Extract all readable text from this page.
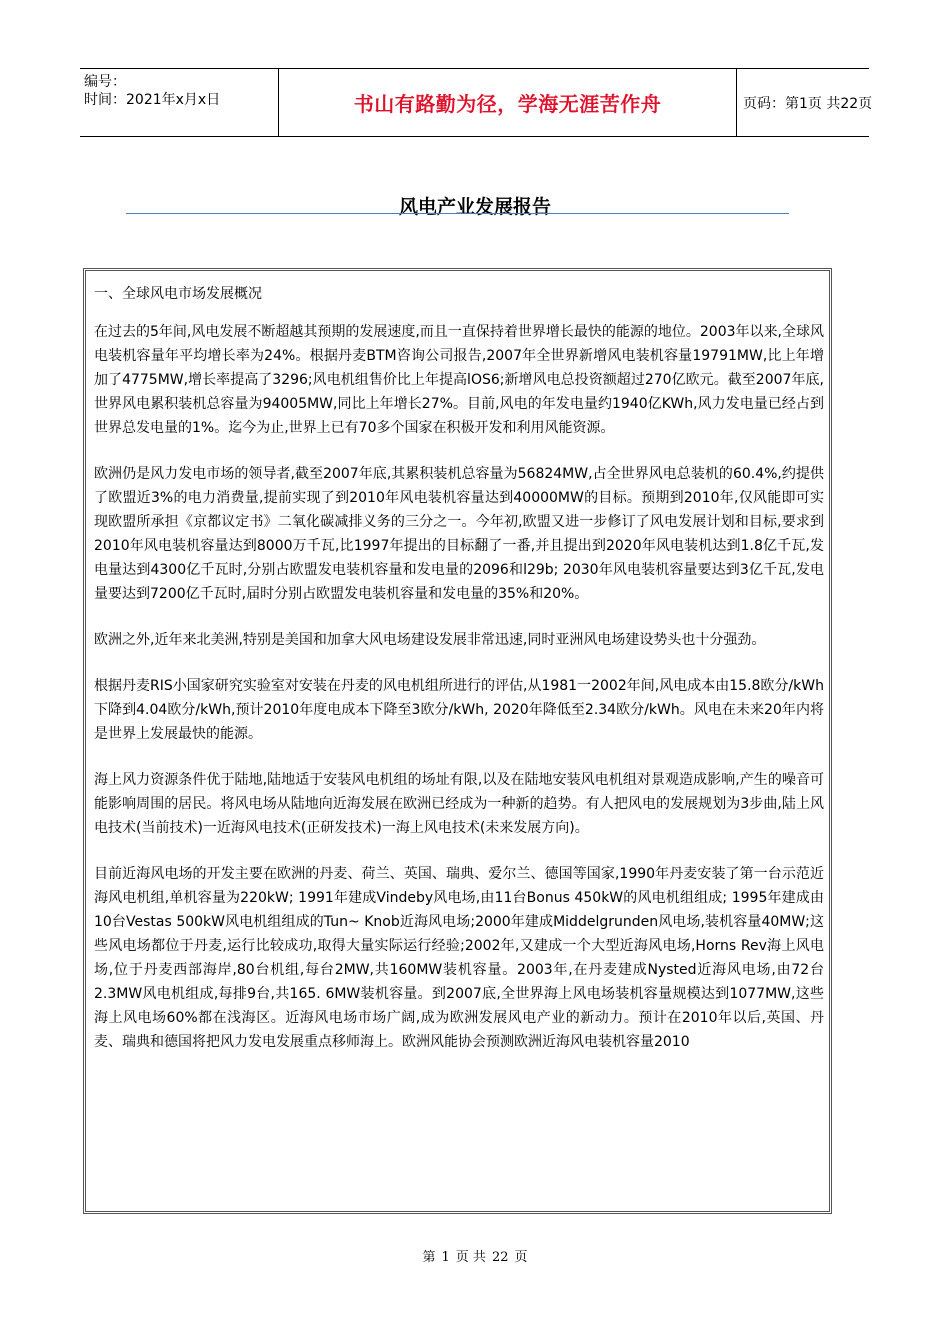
编号：
时间：2021年x月x日	书山有路勤为径，学海无涯苦作舟	页码：第1页 共22页
风电产业发展报告
一、全球风电市场发展概况

在过去的5年间,风电发展不断超越其预期的发展速度,而且一直保持着世界增长最快的能源的地位。2003年以来,全球风电装机容量年平均增长率为24%。根据丹麦BTM咨询公司报告,2007年全世界新增风电装机容量19791MW,比上年增加了4775MW,增长率提高了3296;风电机组售价比上年提高lOS6;新增风电总投资额超过270亿欧元。截至2007年底,世界风电累积装机总容量为94005MW,同比上年增长27%。目前,风电的年发电量约1940亿KWh,风力发电量已经占到世界总发电量的1%。迄今为止,世界上已有70多个国家在积极开发和利用风能资源。

欧洲仍是风力发电市场的领导者,截至2007年底,其累积装机总容量为56824MW,占全世界风电总装机的60.4%,约提供了欧盟近3%的电力消费量,提前实现了到2010年风电装机容量达到40000MW的目标。预期到2010年,仅风能即可实现欧盟所承担《京都议定书》二氧化碳减排义务的三分之一。今年初,欧盟又进一步修订了风电发展计划和目标,要求到2010年风电装机容量达到8000万千瓦,比1997年提出的目标翻了一番,并且提出到2020年风电装机达到1.8亿千瓦,发电量达到4300亿千瓦时,分别占欧盟发电装机容量和发电量的2096和l29b; 2030年风电装机容量要达到3亿千瓦,发电量要达到7200亿千瓦时,届时分别占欧盟发电装机容量和发电量的35%和20%。

欧洲之外,近年来北美洲,特别是美国和加拿大风电场建设发展非常迅速,同时亚洲风电场建设势头也十分强劲。

根据丹麦RIS小国家研究实验室对安装在丹麦的风电机组所进行的评估,从1981一2002年间,风电成本由15.8欧分/kWh下降到4.04欧分/kWh,预计2010年度电成本下降至3欧分/kWh, 2020年降低至2.34欧分/kWh。风电在未来20年内将是世界上发展最快的能源。

海上风力资源条件优于陆地,陆地适于安装风电机组的场址有限,以及在陆地安装风电机组对景观造成影响,产生的噪音可能影响周围的居民。将风电场从陆地向近海发展在欧洲已经成为一种新的趋势。有人把风电的发展规划为3步曲,陆上风电技术(当前技术)一近海风电技术(正研发技术)一海上风电技术(未来发展方向)。

目前近海风电场的开发主要在欧洲的丹麦、荷兰、英国、瑞典、爱尔兰、德国等国家,1990年丹麦安装了第一台示范近海风电机组,单机容量为220kW; 1991年建成Vindeby风电场,由11台Bonus 450kW的风电机组组成; 1995年建成由10台Vestas 500kW风电机组组成的Tun~ Knob近海风电场;2000年建成Middelgrunden风电场,装机容量40MW;这些风电场都位于丹麦,运行比较成功,取得大量实际运行经验;2002年,又建成一个大型近海风电场,Horns Rev海上风电场,位于丹麦西部海岸,80台机组,每台2MW,共160MW装机容量。2003年,在丹麦建成Nysted近海风电场,由72台2.3MW风电机组成,每排9台,共165. 6MW装机容量。到2007底,全世界海上风电场装机容量规模达到1077MW,这些海上风电场60%都在浅海区。近海风电场市场广阔,成为欧洲发展风电产业的新动力。预计在2010年以后,英国、丹麦、瑞典和德国将把风力发电发展重点移师海上。欧洲风能协会预测欧洲近海风电装机容量2010

第 1 页 共 22 页
